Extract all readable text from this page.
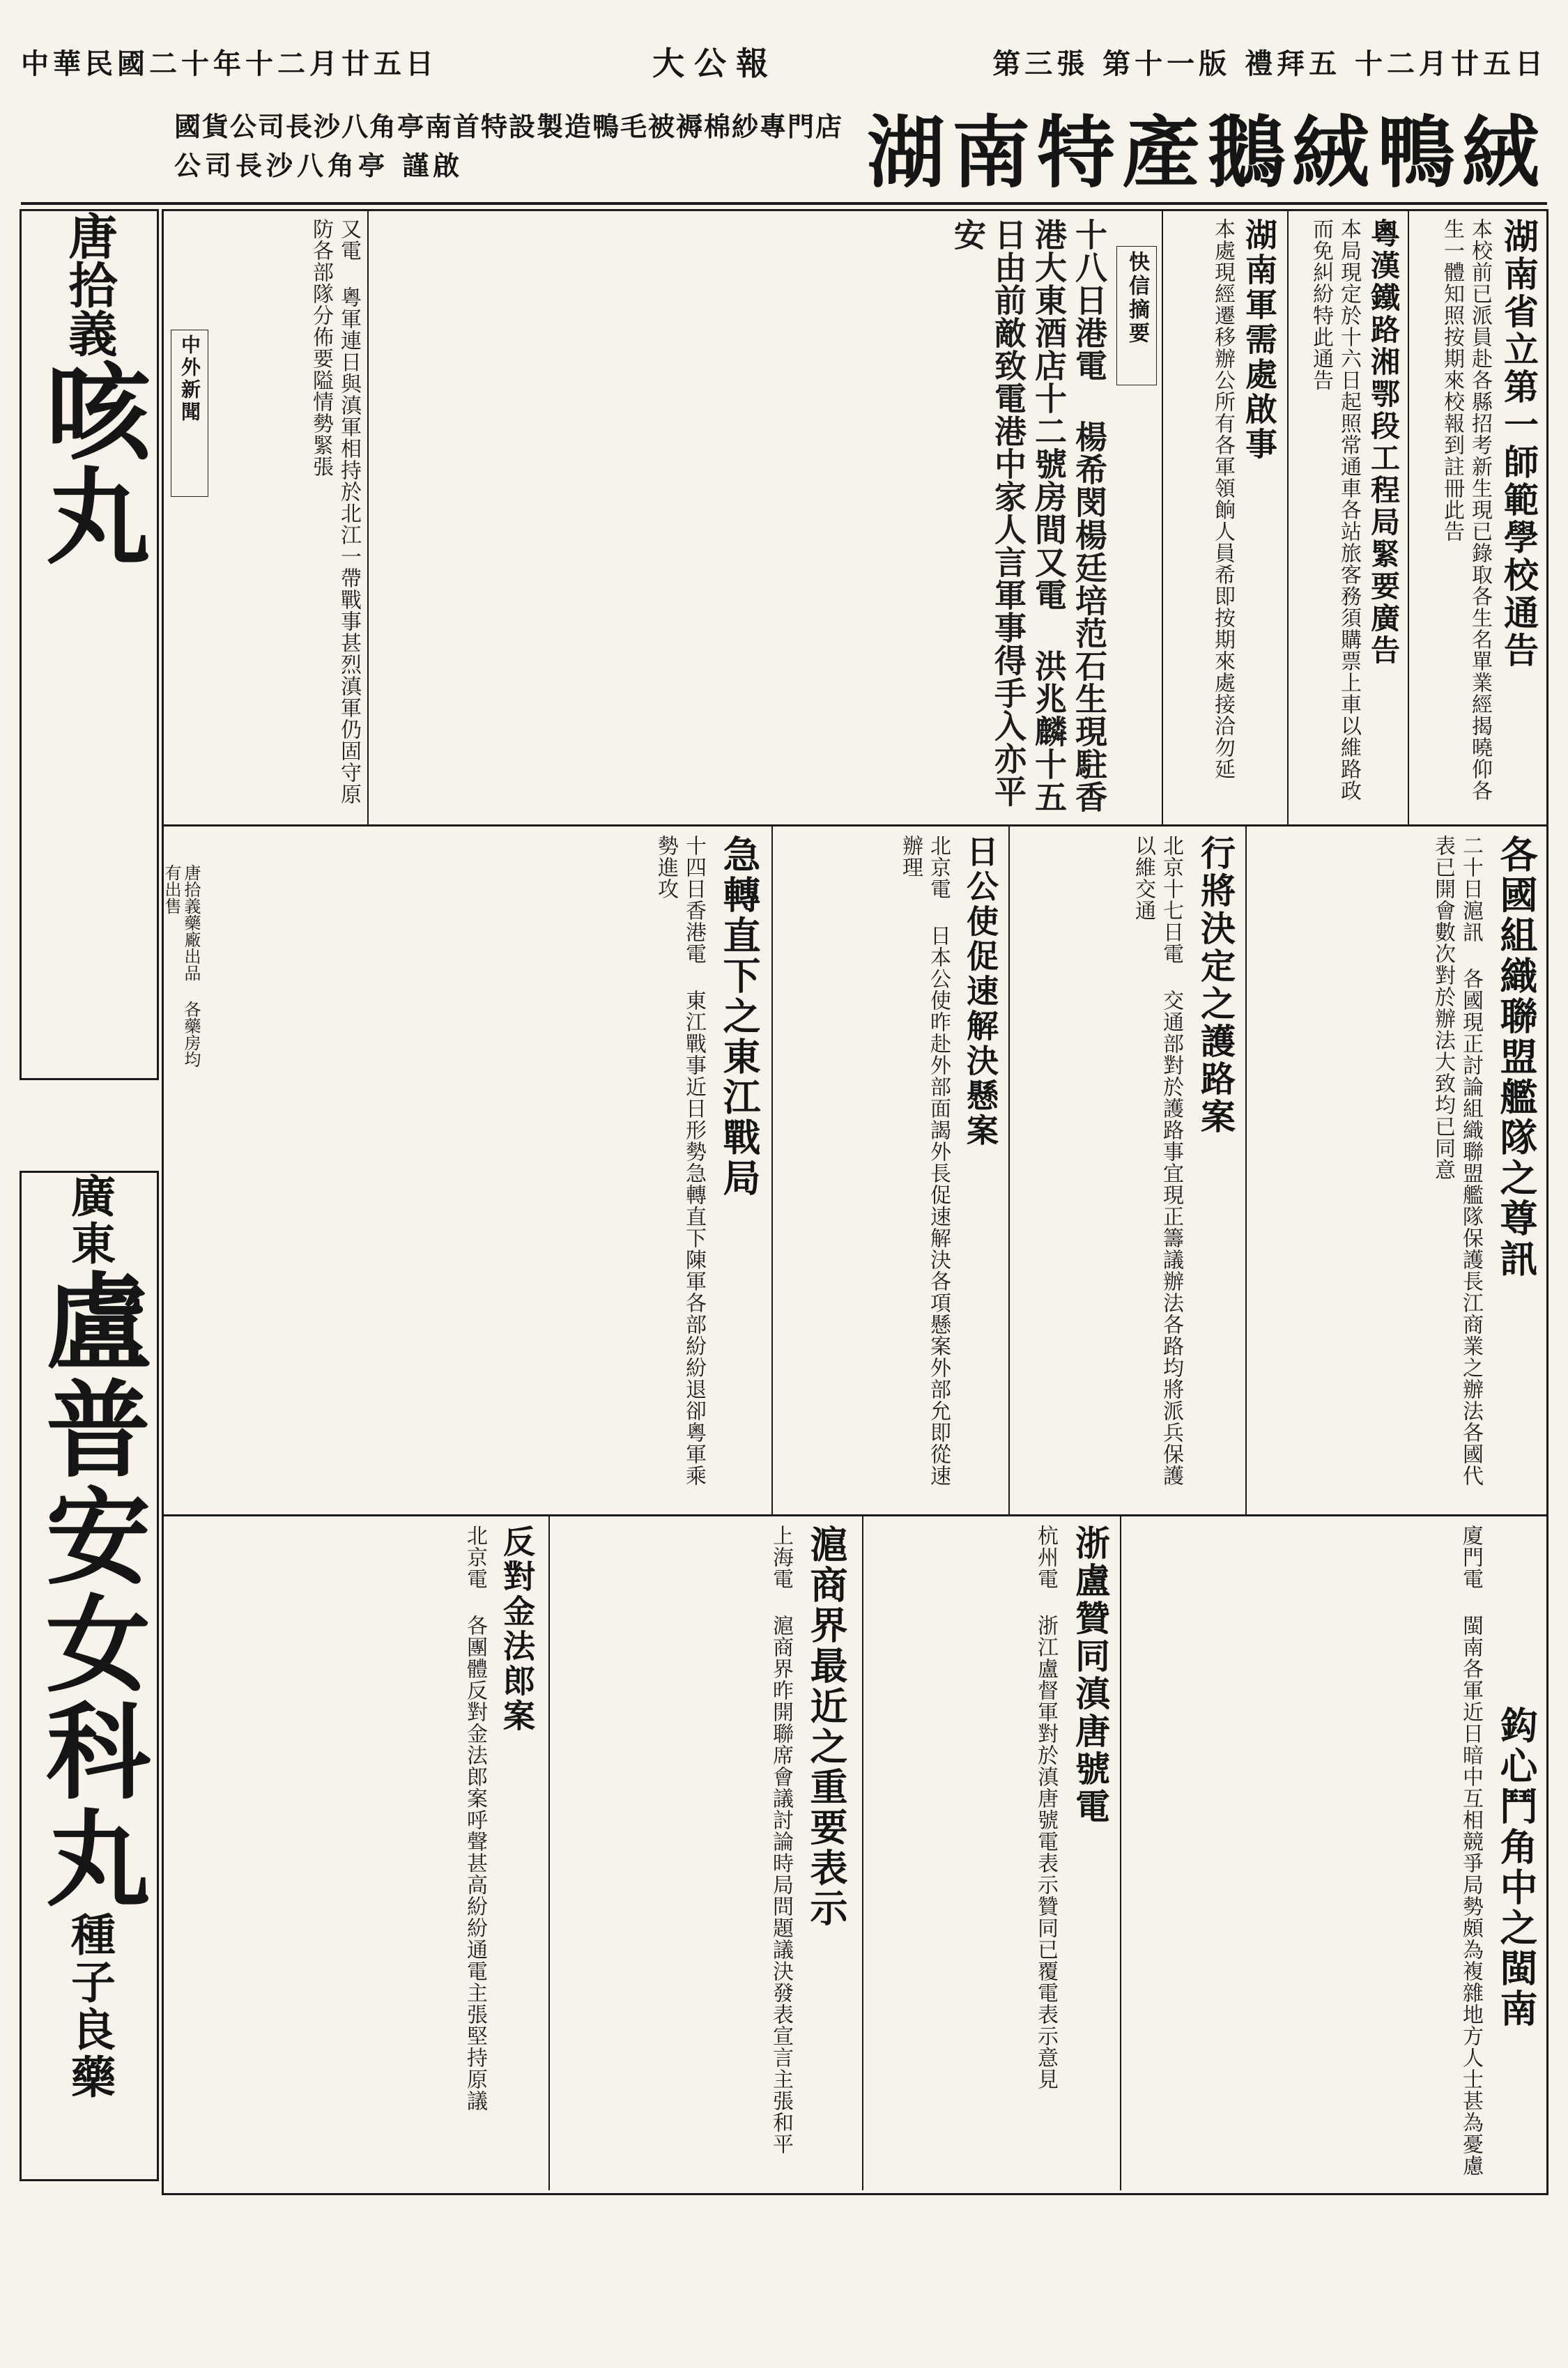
中華民國二十年十二月廿五日	大公報	第三張 第十一版 禮拜五 十二月廿五日
國貨公司長沙八角亭南首特設製造鴨毛被褥棉紗專門店
公司長沙八角亭 謹啟	湖南特產鵝絨鴨絨
唐拾義咳丸
唐拾義藥廠出品 各藥房均有出售
廣東盧普安女科丸種子良藥
湖南省立第一師範學校通告
本校前已派員赴各縣招考新生現已錄取各生名單業經揭曉仰各生一體知照按期來校報到註冊此告
粵漢鐵路湘鄂段工程局緊要廣告
本局現定於十六日起照常通車各站旅客務須購票上車以維路政而免糾紛特此通告
湖南軍需處啟事
本處現經遷移辦公所有各軍領餉人員希即按期來處接洽勿延
快信摘要
十八日港電 楊希閔楊廷培范石生現駐香港大東酒店十二號房間又電 洪兆麟十五日由前敵致電港中家人言軍事得手入亦平安
又電 粵軍連日與滇軍相持於北江一帶戰事甚烈滇軍仍固守原防各部隊分佈要隘情勢緊張
中外新聞
各國組織聯盟艦隊之尊訊
二十日滬訊 各國現正討論組織聯盟艦隊保護長江商業之辦法各國代表已開會數次對於辦法大致均已同意
行將決定之護路案
北京十七日電 交通部對於護路事宜現正籌議辦法各路均將派兵保護以維交通
日公使促速解決懸案
北京電 日本公使昨赴外部面謁外長促速解決各項懸案外部允即從速辦理
急轉直下之東江戰局
十四日香港電 東江戰事近日形勢急轉直下陳軍各部紛紛退卻粵軍乘勢進攻
鈎心鬥角中之閩南
廈門電 閩南各軍近日暗中互相競爭局勢頗為複雜地方人士甚為憂慮
浙盧贊同滇唐號電
杭州電 浙江盧督軍對於滇唐號電表示贊同已覆電表示意見
滬商界最近之重要表示
上海電 滬商界昨開聯席會議討論時局問題議決發表宣言主張和平
反對金法郎案
北京電 各團體反對金法郎案呼聲甚高紛紛通電主張堅持原議
